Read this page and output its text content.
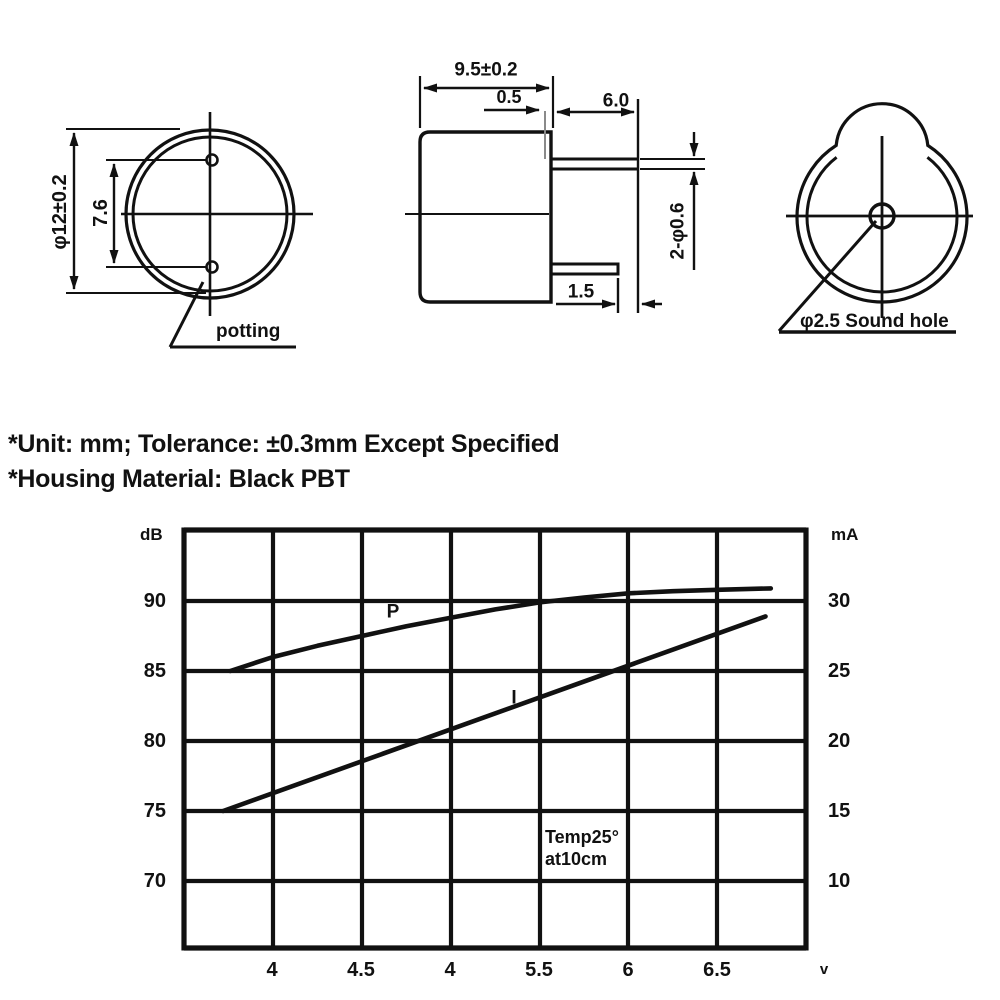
φ12±0.2 7.6
potting
9.5±0.2
0.5	6.0
2-φ0.6
1.5
φ2.5 Sound hole
*Unit: mm; Tolerance: ±0.3mm Except Specified
*Housing Material: Black PBT
dB	mA
90
85
80
75
70
30
25
20
15
10
4	4.5	4	5.5	6	6.5	v
P
I
Temp25°
at10cm
